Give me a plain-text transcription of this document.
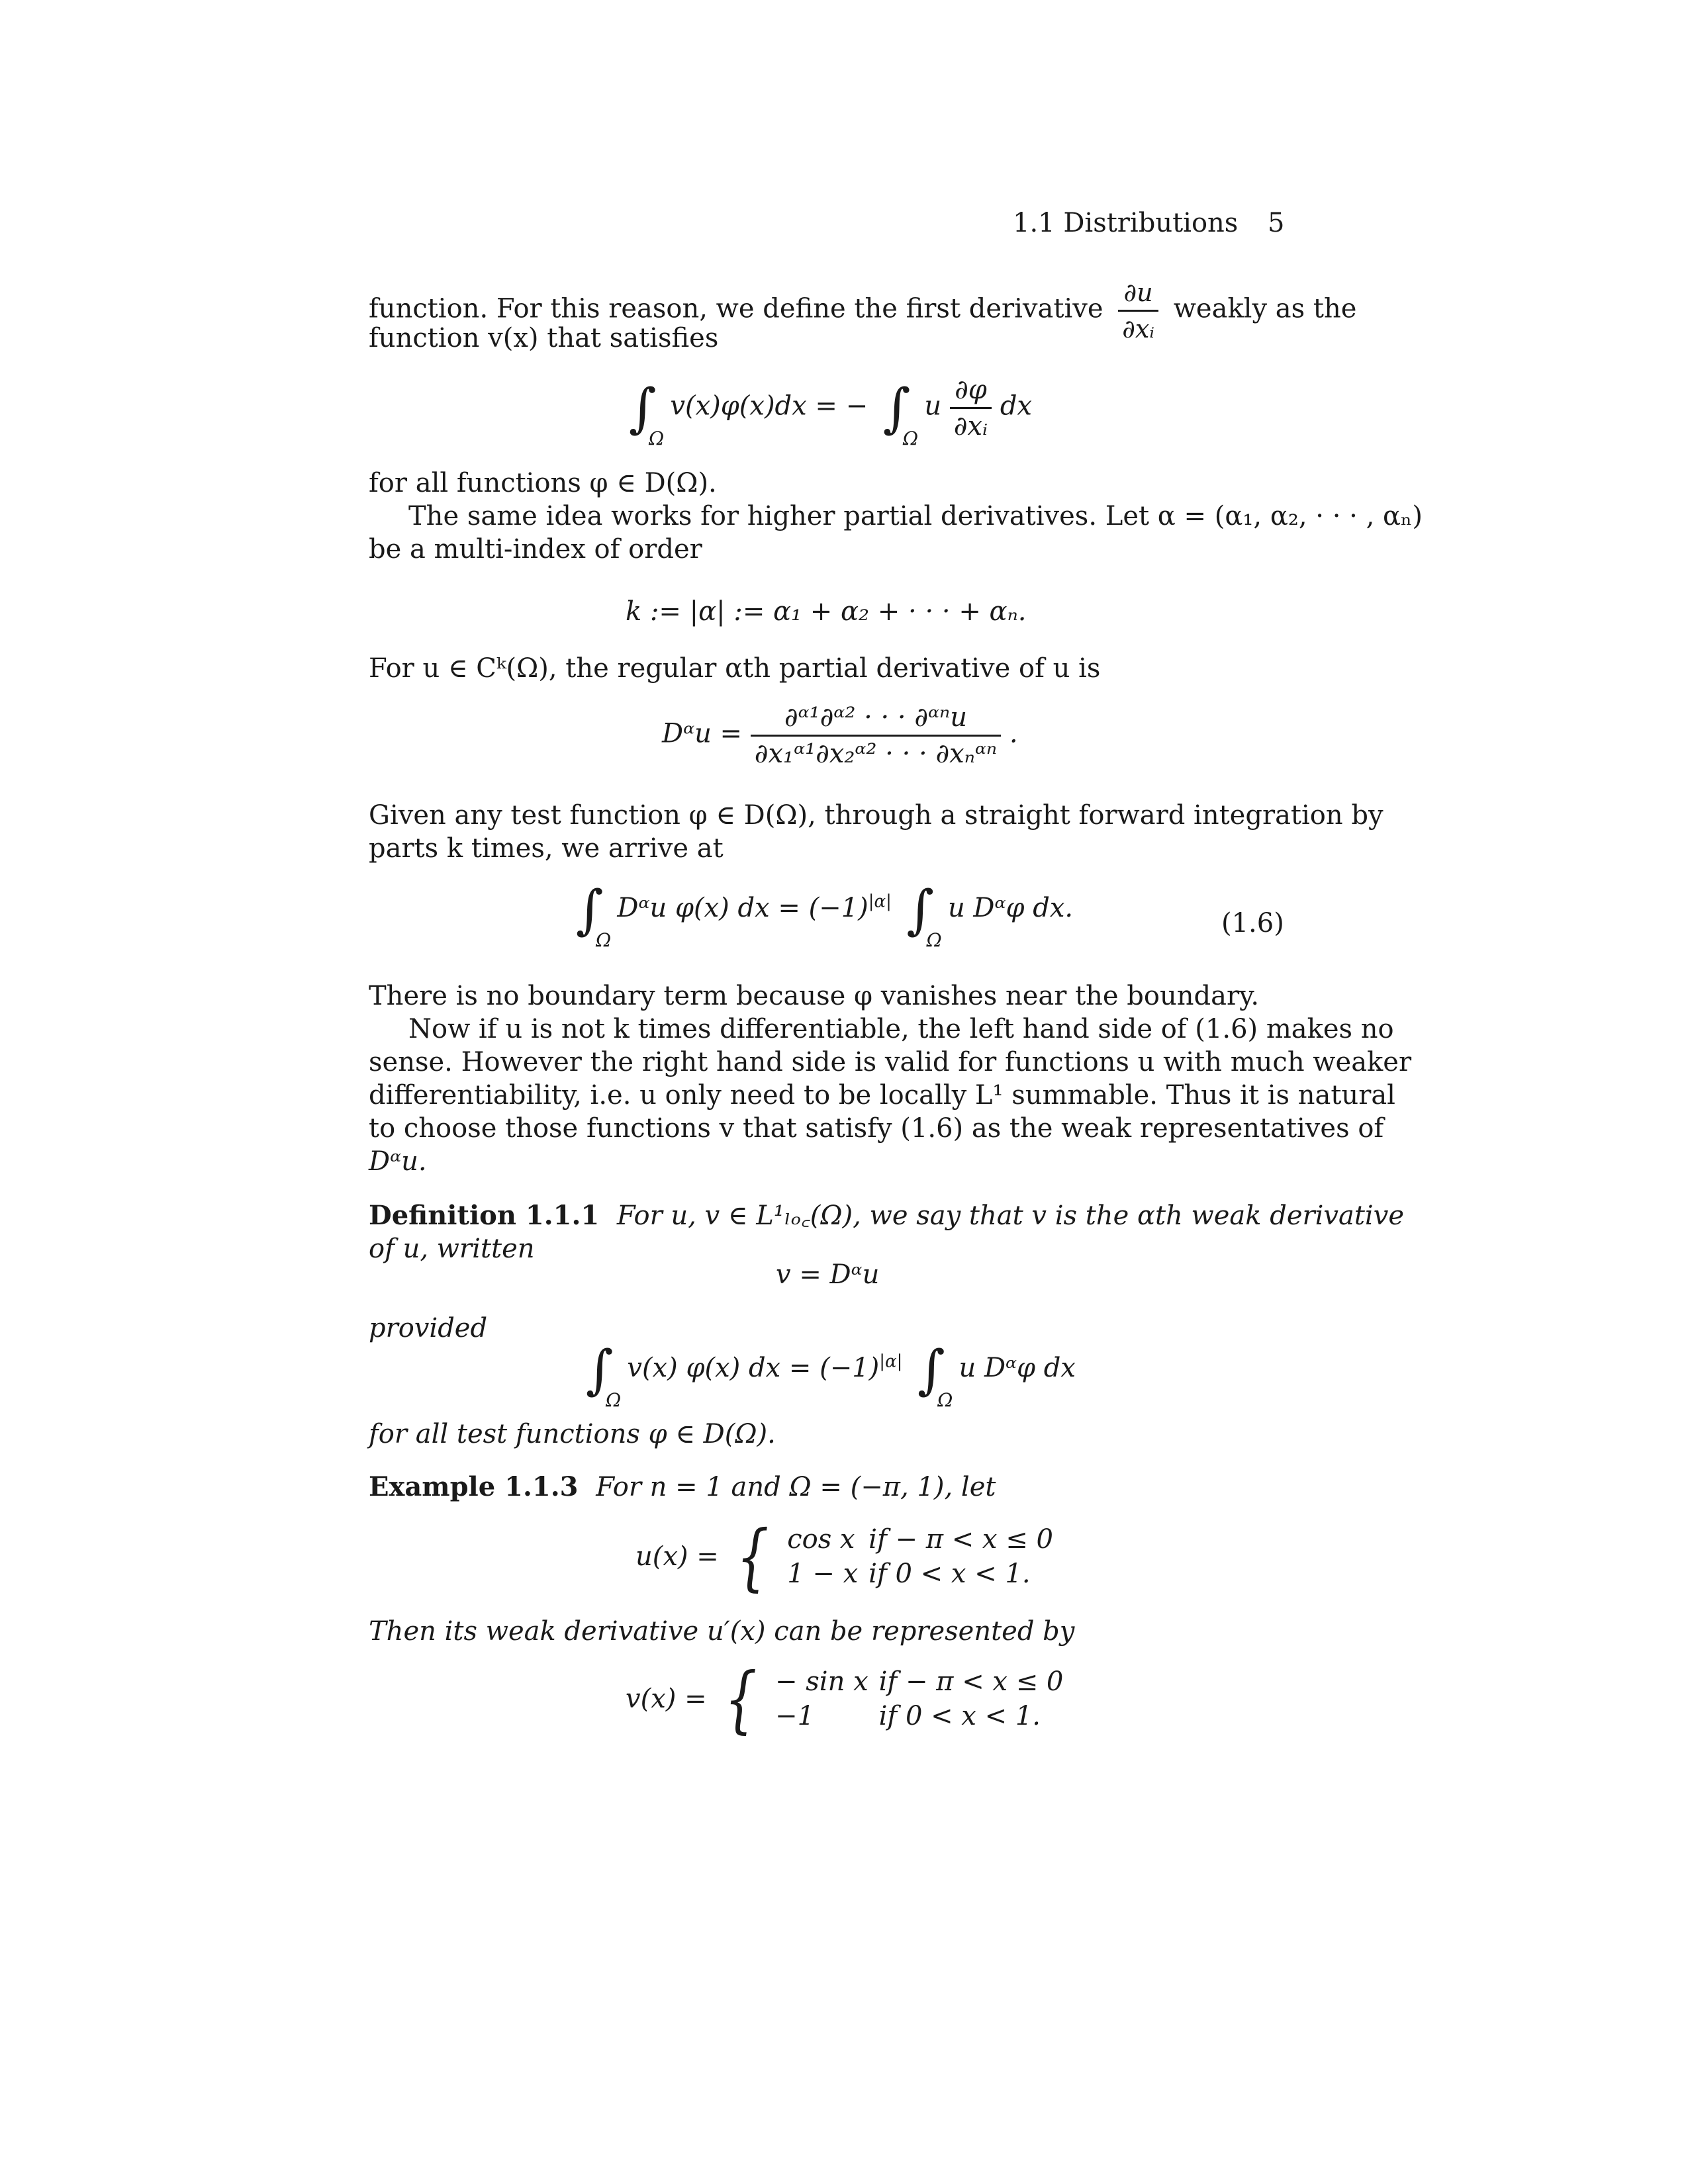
1.1 Distributions 5
function. For this reason, we define the first derivative $\frac{\partial u}{\text{∂xᵢ}}$ weakly as the
function v(x) that satisfies
∫
Ω
v(x)φ(x)dx = − ∫
Ω
u $\frac{\partial\varphi}{\text{∂xᵢ}}$ dx
for all functions φ ∈ D(Ω).
The same idea works for higher partial derivatives. Let α = (α₁, α₂, · · · , αₙ)
be a multi-index of order
k := |α| := α₁ + α₂ + · · · + αₙ.
For u ∈ Cᵏ(Ω), the regular αth partial derivative of u is
Dᵅu = $\frac{\text{∂ᵅ¹∂ᵅ² · · · ∂ᵅⁿu}}{\text{∂x₁ᵅ¹∂x₂ᵅ² · · · ∂xₙᵅⁿ}}$ .
Given any test function φ ∈ D(Ω), through a straight forward integration by
parts k times, we arrive at
∫
Ω
Dᵅu φ(x) dx = $(-1)^{|\alpha|}$ ∫
Ω
u Dᵅφ dx.	(1.6)
There is no boundary term because φ vanishes near the boundary.
Now if u is not k times differentiable, the left hand side of (1.6) makes no
sense. However the right hand side is valid for functions u with much weaker
differentiability, i.e. u only need to be locally L¹ summable. Thus it is natural
to choose those functions v that satisfy (1.6) as the weak representatives of
Dᵅu.
Definition 1.1.1 For u, v ∈ L¹ₗₒ꜀(Ω), we say that v is the αth weak derivative
of u, written
v = Dᵅu
provided
∫
Ω
v(x) φ(x) dx = $(-1)^{|\alpha|}$ ∫
Ω
u Dᵅφ dx
for all test functions φ ∈ D(Ω).
Example 1.1.3 For n = 1 and Ω = (−π, 1), let
u(x) = { cos x	if − π < x ≤ 0
1 − x	if 0 < x < 1.
Then its weak derivative u′(x) can be represented by
v(x) = { − sin x	if − π < x ≤ 0
−1	if 0 < x < 1.
